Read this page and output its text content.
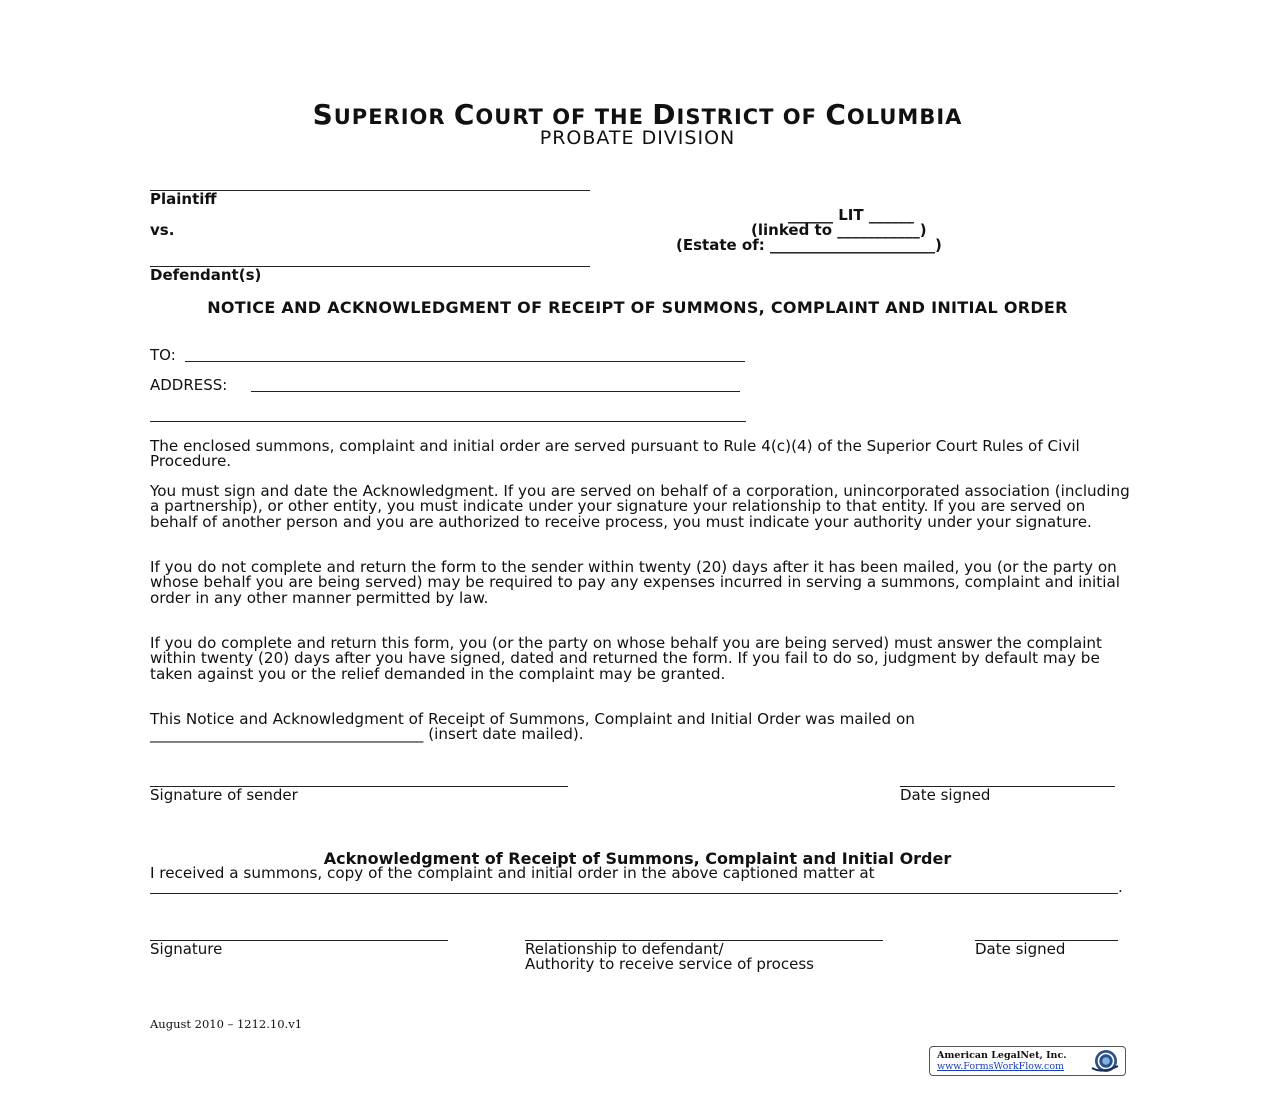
SUPERIOR COURT OF THE DISTRICT OF COLUMBIA
PROBATE DIVISION
Plaintiff
vs.
Defendant(s)
______ LIT ______
(linked to ___________)
(Estate of: ______________________)
NOTICE AND ACKNOWLEDGMENT OF RECEIPT OF SUMMONS, COMPLAINT AND INITIAL ORDER
TO:
ADDRESS:
The enclosed summons, complaint and initial order are served pursuant to Rule 4(c)(4) of the Superior Court Rules of Civil Procedure.
You must sign and date the Acknowledgment. If you are served on behalf of a corporation, unincorporated association (including a partnership), or other entity, you must indicate under your signature your relationship to that entity. If you are served on behalf of another person and you are authorized to receive process, you must indicate your authority under your signature.
If you do not complete and return the form to the sender within twenty (20) days after it has been mailed, you (or the party on whose behalf you are being served) may be required to pay any expenses incurred in serving a summons, complaint and initial order in any other manner permitted by law.
If you do complete and return this form, you (or the party on whose behalf you are being served) must answer the complaint within twenty (20) days after you have signed, dated and returned the form. If you fail to do so, judgment by default may be taken against you or the relief demanded in the complaint may be granted.
This Notice and Acknowledgment of Receipt of Summons, Complaint and Initial Order was mailed on
____________________________________ (insert date mailed).
Signature of sender	Date signed
Acknowledgment of Receipt of Summons, Complaint and Initial Order
I received a summons, copy of the complaint and initial order in the above captioned matter at
.
Signature	Relationship to defendant/
Authority to receive service of process
Date signed
August 2010 – 1212.10.v1
American LegalNet, Inc.
www.FormsWorkFlow.com
